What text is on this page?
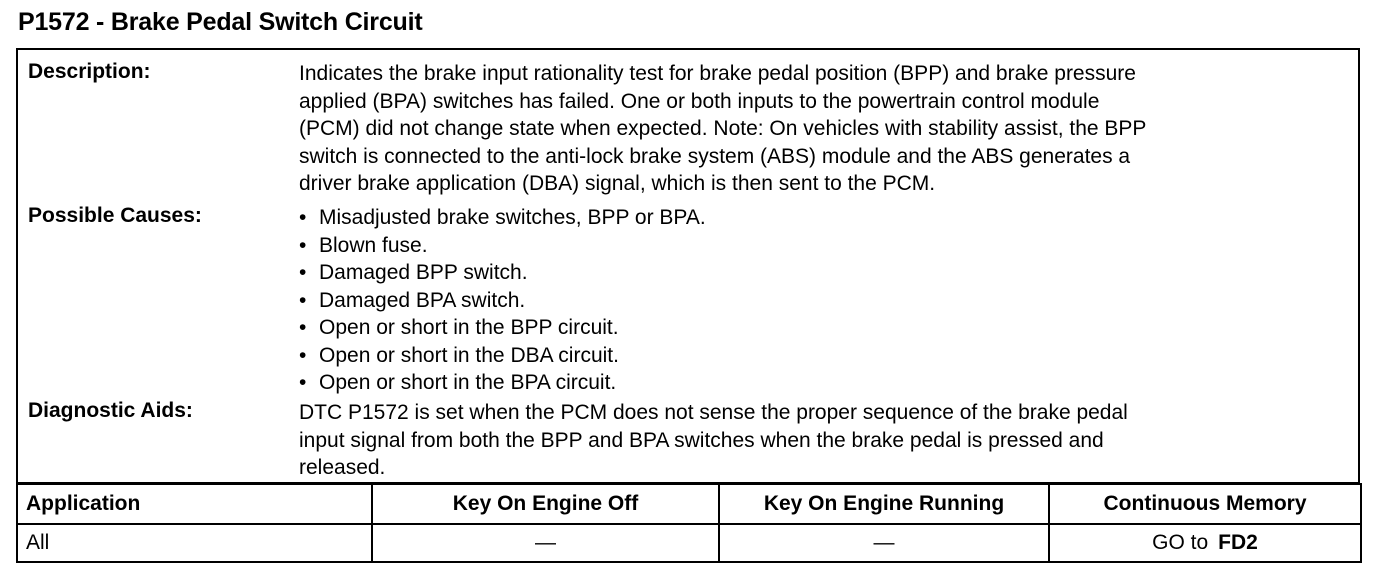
P1572 - Brake Pedal Switch Circuit
Description:	Indicates the brake input rationality test for brake pedal position (BPP) and brake pressure
applied (BPA) switches has failed. One or both inputs to the powertrain control module
(PCM) did not change state when expected. Note: On vehicles with stability assist, the BPP
switch is connected to the anti-lock brake system (ABS) module and the ABS generates a
driver brake application (DBA) signal, which is then sent to the PCM.
Possible Causes:	• Misadjusted brake switches, BPP or BPA.
• Blown fuse.
• Damaged BPP switch.
• Damaged BPA switch.
• Open or short in the BPP circuit.
• Open or short in the DBA circuit.
• Open or short in the BPA circuit.
Diagnostic Aids:	DTC P1572 is set when the PCM does not sense the proper sequence of the brake pedal
input signal from both the BPP and BPA switches when the brake pedal is pressed and
released.
Application	Key On Engine Off	Key On Engine Running	Continuous Memory
All	—	—	GO to FD2
